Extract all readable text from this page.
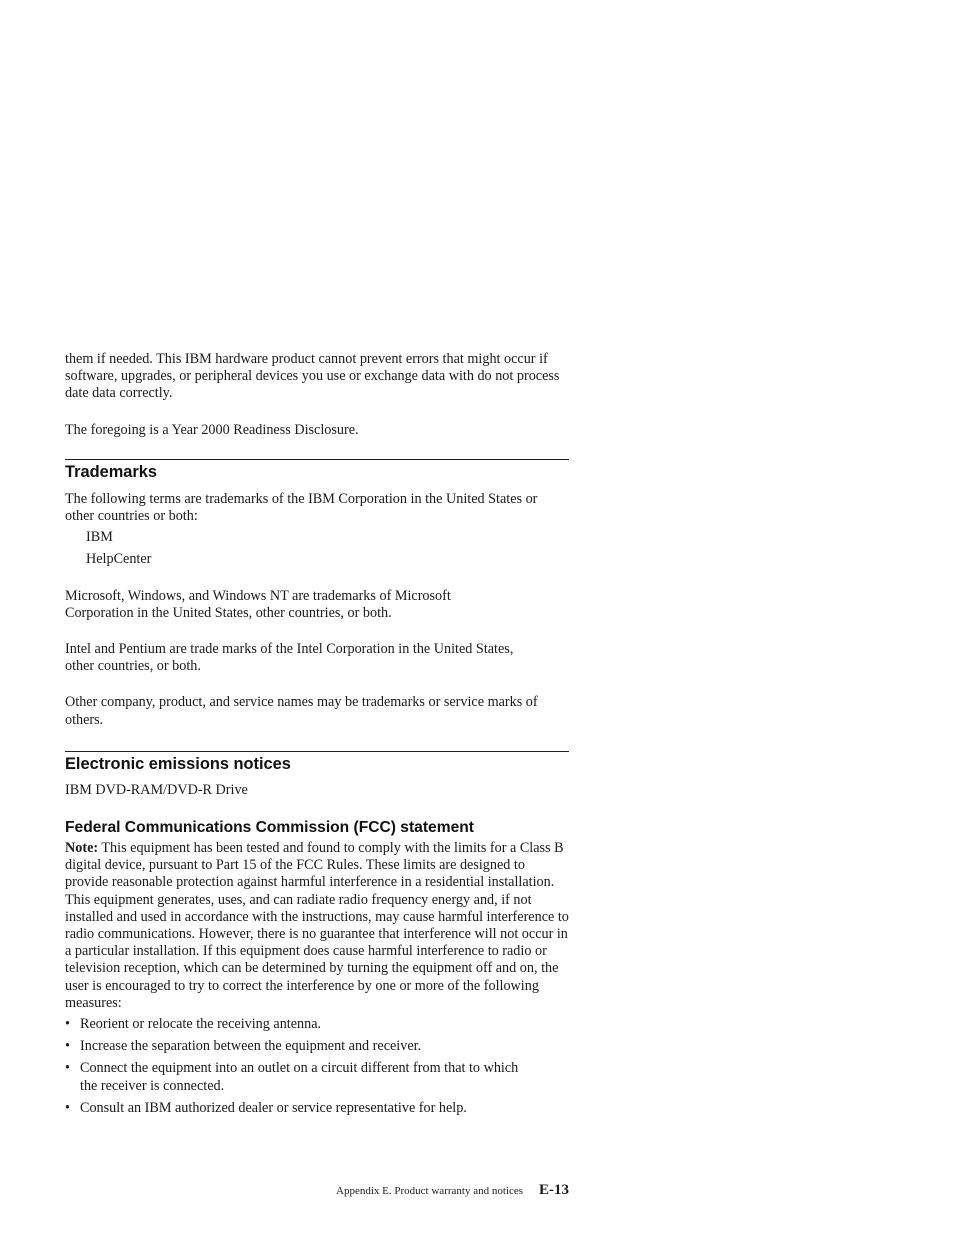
them if needed. This IBM hardware product cannot prevent errors that might occur if software, upgrades, or peripheral devices you use or exchange data with do not process date data correctly.

The foregoing is a Year 2000 Readiness Disclosure.

Trademarks

The following terms are trademarks of the IBM Corporation in the United States or other countries or both:

IBM
HelpCenter

Microsoft, Windows, and Windows NT are trademarks of Microsoft Corporation in the United States, other countries, or both.

Intel and Pentium are trade marks of the Intel Corporation in the United States, other countries, or both.

Other company, product, and service names may be trademarks or service marks of others.

Electronic emissions notices

IBM DVD-RAM/DVD-R Drive

Federal Communications Commission (FCC) statement

Note: This equipment has been tested and found to comply with the limits for a Class B digital device, pursuant to Part 15 of the FCC Rules. These limits are designed to provide reasonable protection against harmful interference in a residential installation. This equipment generates, uses, and can radiate radio frequency energy and, if not installed and used in accordance with the instructions, may cause harmful interference to radio communications. However, there is no guarantee that interference will not occur in a particular installation. If this equipment does cause harmful interference to radio or television reception, which can be determined by turning the equipment off and on, the user is encouraged to try to correct the interference by one or more of the following measures:

• Reorient or relocate the receiving antenna.
• Increase the separation between the equipment and receiver.
• Connect the equipment into an outlet on a circuit different from that to which the receiver is connected.
• Consult an IBM authorized dealer or service representative for help.
Appendix E. Product warranty and notices E-13
